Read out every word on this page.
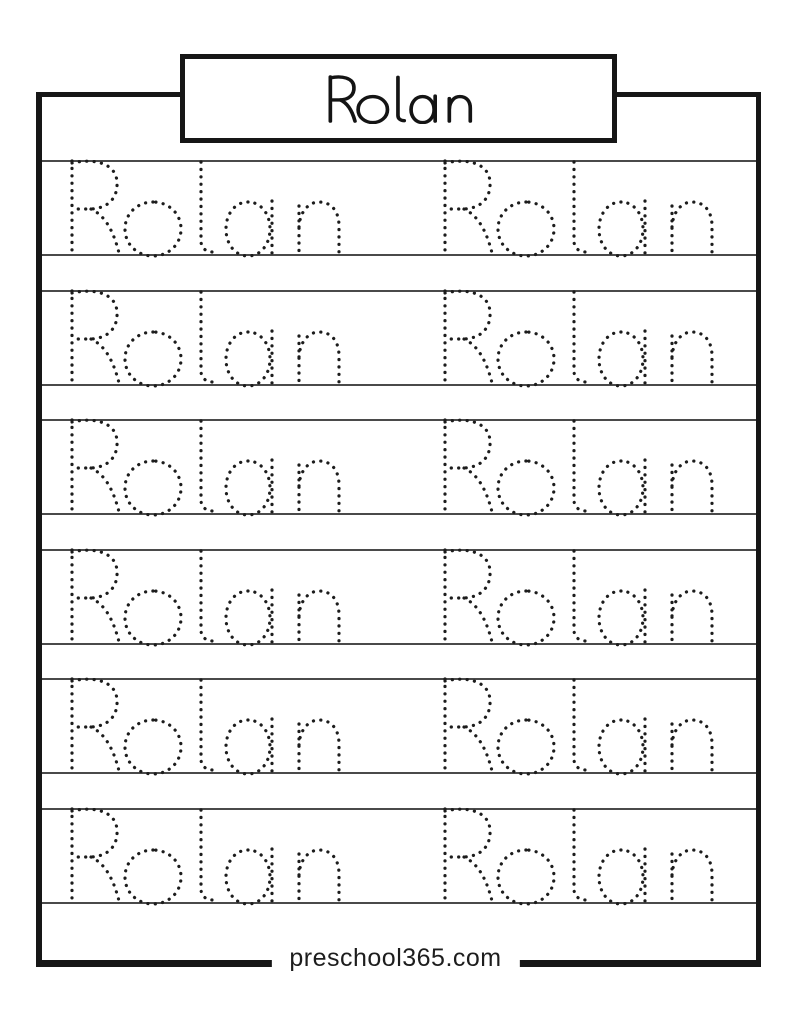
preschool365.com
